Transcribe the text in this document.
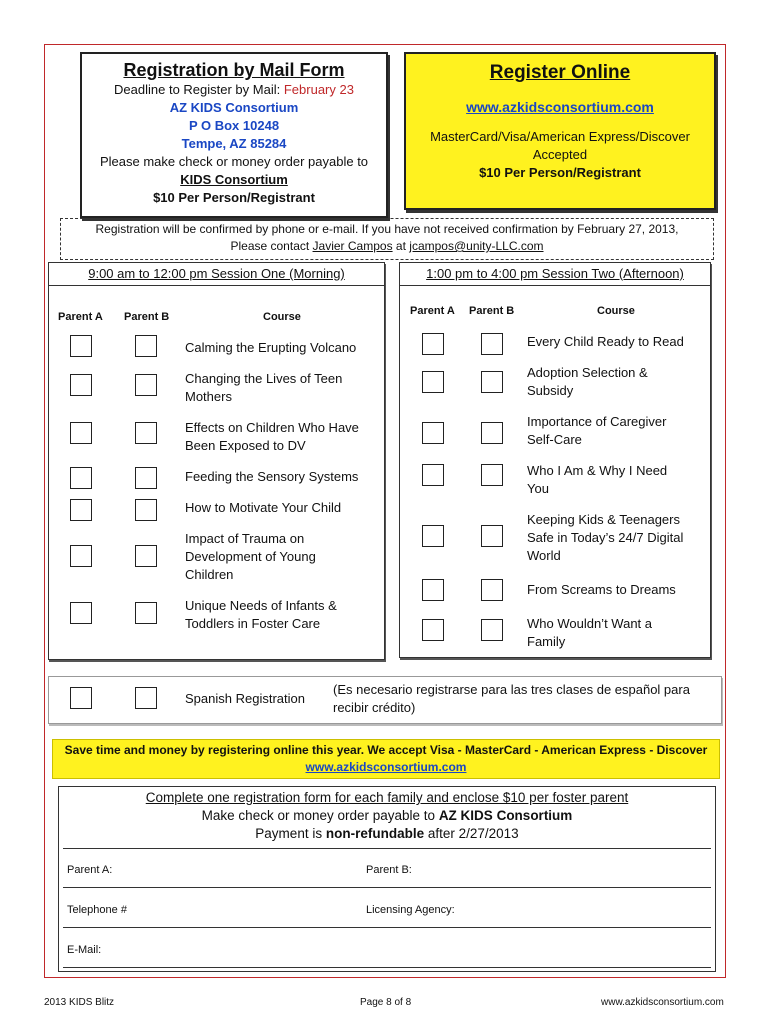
Registration by Mail Form
Deadline to Register by Mail: February 23
AZ KIDS Consortium
P O Box 10248
Tempe, AZ 85284
Please make check or money order payable to
KIDS Consortium
$10 Per Person/Registrant
Register Online
www.azkidsconsortium.com
MasterCard/Visa/American Express/Discover
Accepted
$10 Per Person/Registrant
Registration will be confirmed by phone or e-mail. If you have not received confirmation by February 27, 2013,
Please contact Javier Campos at jcampos@unity-LLC.com
9:00 am to 12:00 pm Session One (Morning)
Parent A Parent B	Course
Calming the Erupting Volcano
Changing the Lives of Teen Mothers
Effects on Children Who Have Been Exposed to DV
Feeding the Sensory Systems
How to Motivate Your Child
Impact of Trauma on Development of Young Children
Unique Needs of Infants & Toddlers in Foster Care
1:00 pm to 4:00 pm Session Two (Afternoon)
Parent A Parent B	Course
Every Child Ready to Read
Adoption Selection & Subsidy
Importance of Caregiver Self-Care
Who I Am & Why I Need You
Keeping Kids & Teenagers Safe in Today’s 24/7 Digital World
From Screams to Dreams
Who Wouldn’t Want a Family
Spanish Registration
(Es necesario registrarse para las tres clases de español para recibir crédito)
Save time and money by registering online this year. We accept Visa - MasterCard - American Express - Discover
www.azkidsconsortium.com
Complete one registration form for each family and enclose $10 per foster parent
Make check or money order payable to AZ KIDS Consortium
Payment is non-refundable after 2/27/2013
Parent A:	Parent B:
Telephone #	Licensing Agency:
E-Mail:
2013 KIDS Blitz	Page 8 of 8	www.azkidsconsortium.com
